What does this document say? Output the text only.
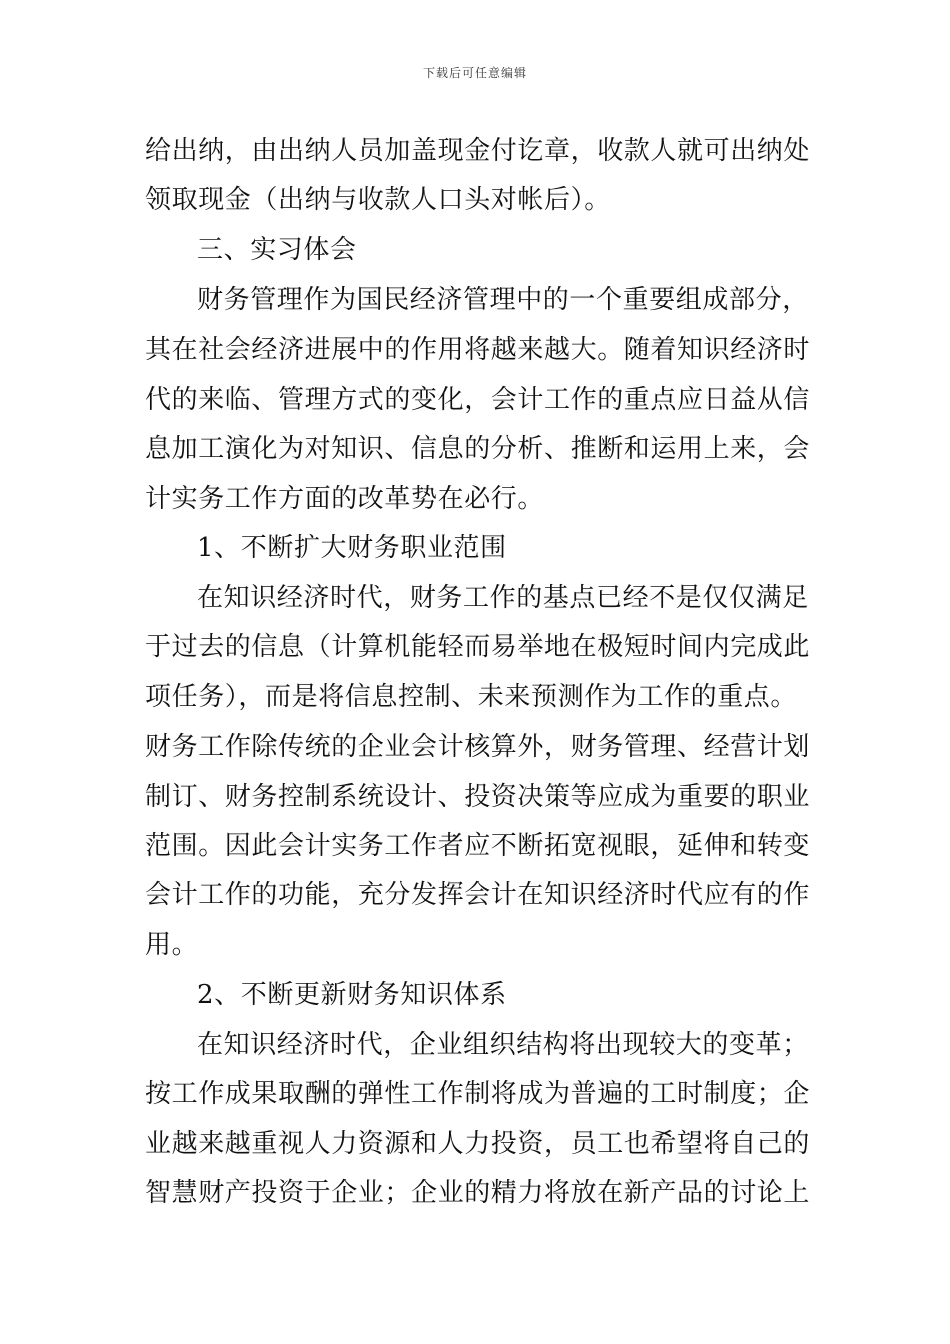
下载后可任意编辑
给出纳，由出纳人员加盖现金付讫章，收款人就可出纳处
领取现金（出纳与收款人口头对帐后）。
三、实习体会
财务管理作为国民经济管理中的一个重要组成部分，
其在社会经济进展中的作用将越来越大。随着知识经济时
代的来临、管理方式的变化，会计工作的重点应日益从信
息加工演化为对知识、信息的分析、推断和运用上来，会
计实务工作方面的改革势在必行。
1、不断扩大财务职业范围
在知识经济时代，财务工作的基点已经不是仅仅满足
于过去的信息（计算机能轻而易举地在极短时间内完成此
项任务），而是将信息控制、未来预测作为工作的重点。
财务工作除传统的企业会计核算外，财务管理、经营计划
制订、财务控制系统设计、投资决策等应成为重要的职业
范围。因此会计实务工作者应不断拓宽视眼，延伸和转变
会计工作的功能，充分发挥会计在知识经济时代应有的作
用。
2、不断更新财务知识体系
在知识经济时代，企业组织结构将出现较大的变革；
按工作成果取酬的弹性工作制将成为普遍的工时制度；企
业越来越重视人力资源和人力投资，员工也希望将自己的
智慧财产投资于企业；企业的精力将放在新产品的讨论上
